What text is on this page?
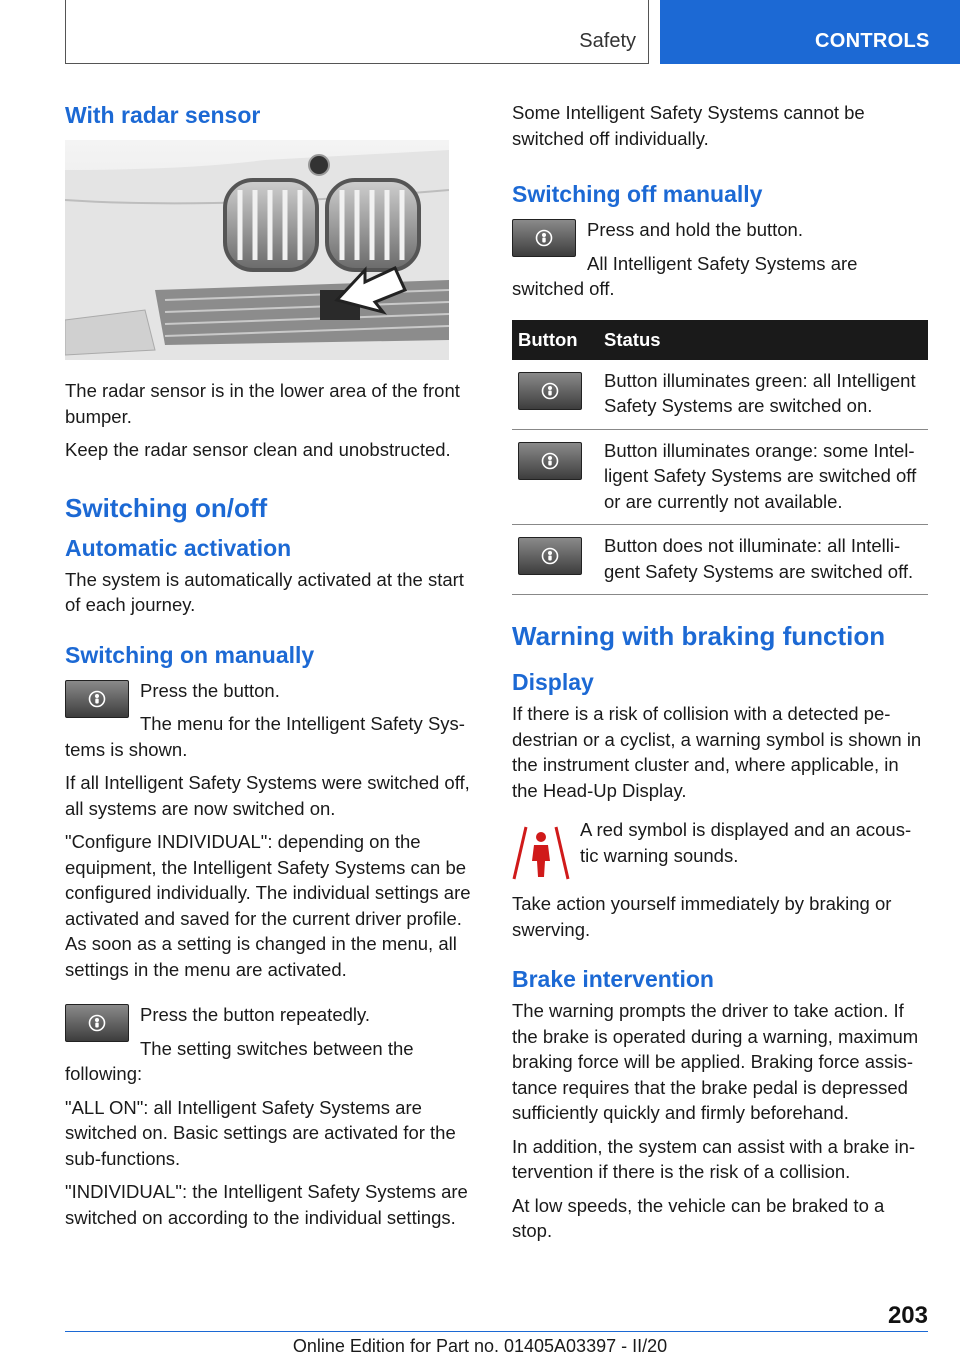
Safety	CONTROLS
With radar sensor

The radar sensor is in the lower area of the front bumper.

Keep the radar sensor clean and unobstructed.

Switching on/off
Automatic activation

The system is automatically activated at the start of each journey.

Switching on manually

Press the button.

The menu for the Intelligent Safety Sys‐tems is shown.

If all Intelligent Safety Systems were switched off, all systems are now switched on.

"Configure INDIVIDUAL": depending on the equipment, the Intelligent Safety Systems can be configured individually. The individual settings are activated and saved for the current driver profile. As soon as a setting is changed in the menu, all settings in the menu are activated.

Press the button repeatedly.

The setting switches between the following:

"ALL ON": all Intelligent Safety Systems are switched on. Basic settings are activated for the sub-functions.

"INDIVIDUAL": the Intelligent Safety Systems are switched on according to the individual settings.

Some Intelligent Safety Systems cannot be switched off individually.

Switching off manually

Press and hold the button.

All Intelligent Safety Systems are switched off.

Button	Status

	Button illuminates green: all Intelligent Safety Systems are switched on.

	Button illuminates orange: some Intel‐ligent Safety Systems are switched off or are currently not available.

	Button does not illuminate: all Intelli‐gent Safety Systems are switched off.
Warning with braking function
Display

If there is a risk of collision with a detected pe‐destrian or a cyclist, a warning symbol is shown in the instrument cluster and, where applicable, in the Head-Up Display.

A red symbol is displayed and an acous‐tic warning sounds.

Take action yourself immediately by braking or swerving.

Brake intervention

The warning prompts the driver to take action. If the brake is operated during a warning, maximum braking force will be applied. Braking force assis‐tance requires that the brake pedal is depressed sufficiently quickly and firmly beforehand.

In addition, the system can assist with a brake in‐tervention if there is the risk of a collision.

At low speeds, the vehicle can be braked to a stop.

203
Online Edition for Part no. 01405A03397 - II/20
